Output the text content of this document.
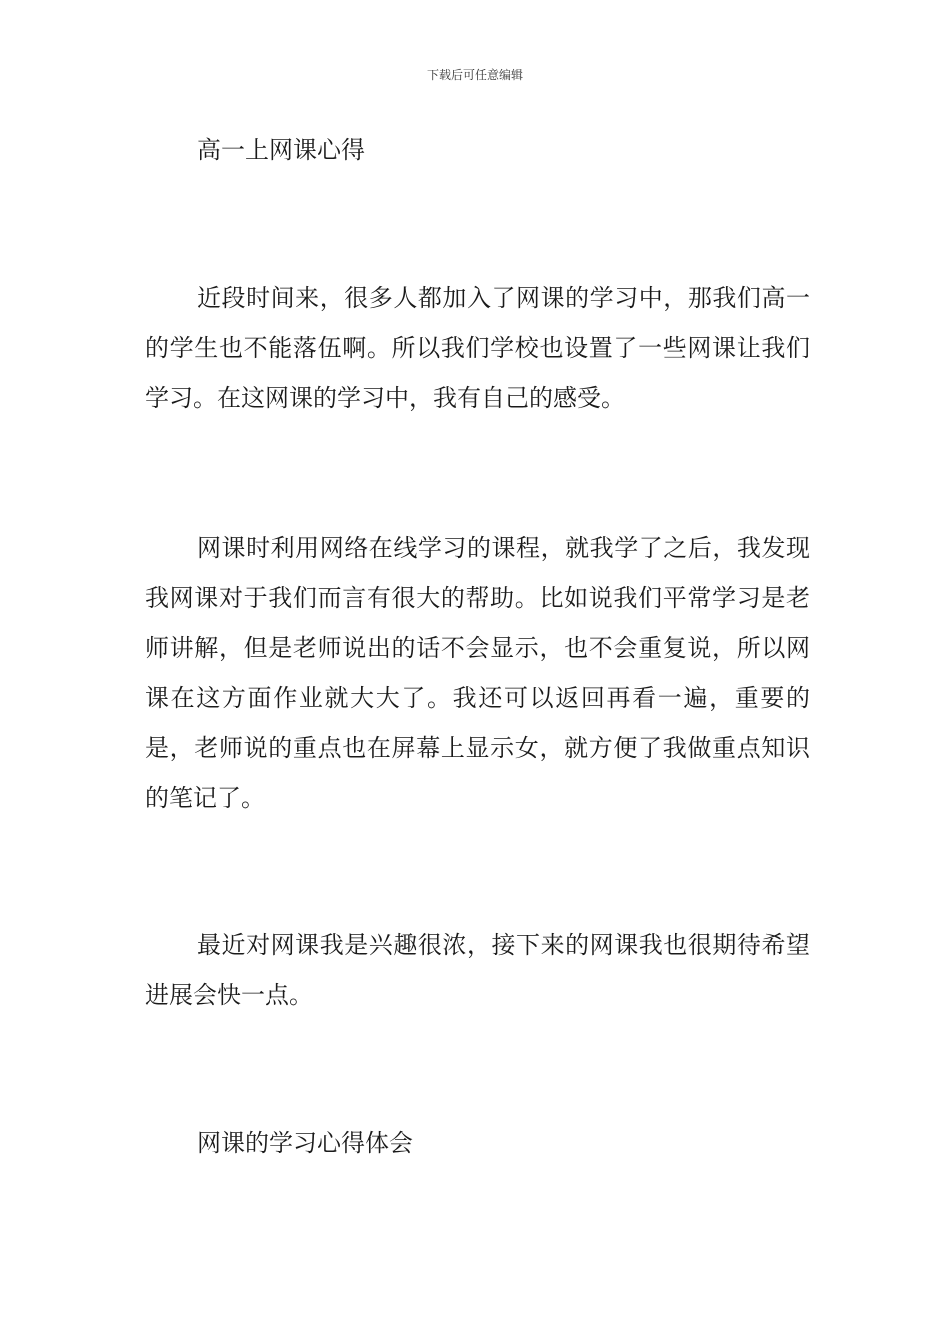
下载后可任意编辑
高一上网课心得

近段时间来，很多人都加入了网课的学习中，那我们高一的学生也不能落伍啊。所以我们学校也设置了一些网课让我们学习。在这网课的学习中，我有自己的感受。

网课时利用网络在线学习的课程，就我学了之后，我发现我网课对于我们而言有很大的帮助。比如说我们平常学习是老师讲解，但是老师说出的话不会显示，也不会重复说，所以网课在这方面作业就大大了。我还可以返回再看一遍，重要的是，老师说的重点也在屏幕上显示女，就方便了我做重点知识的笔记了。

最近对网课我是兴趣很浓，接下来的网课我也很期待希望进展会快一点。

网课的学习心得体会
